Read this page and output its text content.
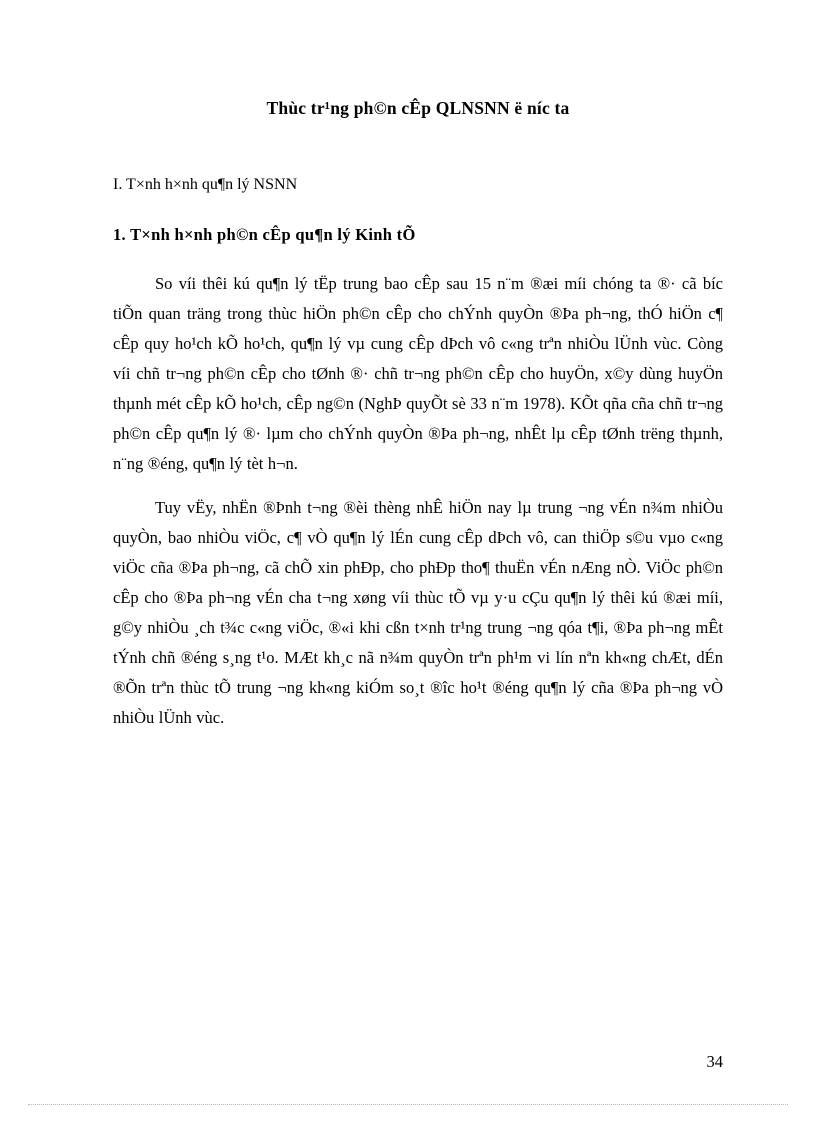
Thùc tr¹ng ph©n cÊp QLNSNN ë níc ta

I. T×nh h×nh qu¶n lý NSNN

1. T×nh h×nh ph©n cÊp qu¶n lý Kinh tÕ

So víi thêi kú qu¶n lý tËp trung bao cÊp sau 15 n¨m ®æi míi chóng ta ®· cã bíc tiÕn quan träng trong thùc hiÖn ph©n cÊp cho chÝnh quyÒn ®Þa ph¬ng, thÓ hiÖn c¶ cÊp quy ho¹ch kÕ ho¹ch, qu¶n lý vµ cung cÊp dÞch vô c«ng trªn nhiÒu lÜnh vùc. Còng víi chñ tr¬ng ph©n cÊp cho tØnh ®· chñ tr¬ng ph©n cÊp cho huyÖn, x©y dùng huyÖn thµnh mét cÊp kÕ ho¹ch, cÊp ng©n (NghÞ quyÕt sè 33 n¨m 1978). KÕt qña cña chñ tr¬ng ph©n cÊp qu¶n lý ®· lµm cho chÝnh quyÒn ®Þa ph¬ng, nhÊt lµ cÊp tØnh trëng thµnh, n¨ng ®éng, qu¶n lý tèt h¬n.

Tuy vËy, nhËn ®Þnh t¬ng ®èi thèng nhÊ hiÖn nay lµ trung ¬ng vÉn n¾m nhiÒu quyÒn, bao nhiÒu viÖc, c¶ vÒ qu¶n lý lÉn cung cÊp dÞch vô, can thiÖp s©u vµo c«ng viÖc cña ®Þa ph¬ng, cã chÕ xin phÐp, cho phÐp tho¶ thuËn vÉn nÆng nÒ. ViÖc ph©n cÊp cho ®Þa ph¬ng vÉn cha t¬ng xøng víi thùc tÕ vµ y·u cÇu qu¶n lý thêi kú ®æi míi, g©y nhiÒu ¸ch t¾c c«ng viÖc, ®«i khi cßn t×nh tr¹ng trung ¬ng qóa t¶i, ®Þa ph¬ng mÊt tÝnh chñ ®éng s¸ng t¹o. MÆt kh¸c nã n¾m quyÒn trªn ph¹m vi lín nªn kh«ng chÆt, dÉn ®Õn trªn thùc tÕ trung ¬ng kh«ng kiÓm so¸t ®îc ho¹t ®éng qu¶n lý cña ®Þa ph¬ng vÒ nhiÒu lÜnh vùc.

34
